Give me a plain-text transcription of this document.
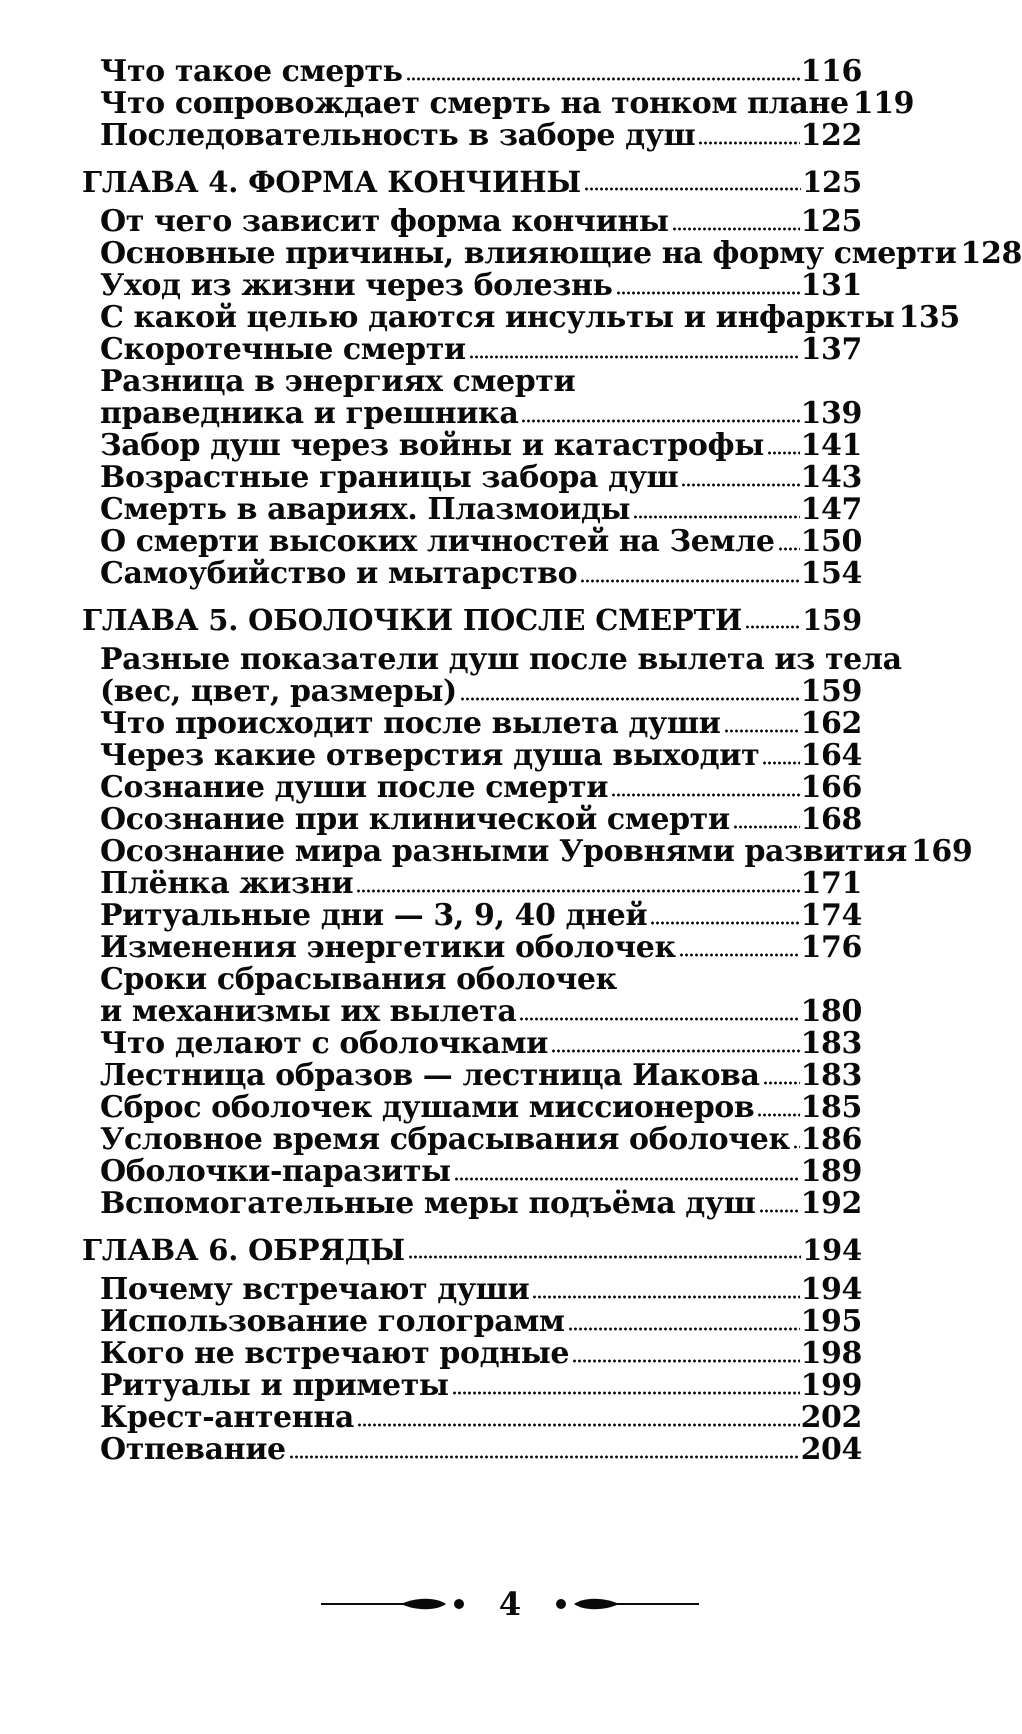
Что такое смерть	116
Что сопровождает смерть на тонком плане 119
Последовательность в заборе душ	122
ГЛАВА 4. ФОРМА КОНЧИНЫ	125
От чего зависит форма кончины	125
Основные причины, влияющие на форму смерти 128
Уход из жизни через болезнь	131
С какой целью даются инсульты и инфаркты 135
Скоротечные смерти	137
Разница в энергиях смерти
праведника и грешника	139
Забор душ через войны и катастрофы 141
Возрастные границы забора душ	143
Смерть в авариях. Плазмоиды	147
О смерти высоких личностей на Земле 150
Самоубийство и мытарство	154
ГЛАВА 5. ОБОЛОЧКИ ПОСЛЕ СМЕРТИ 159
Разные показатели душ после вылета из тела
(вес, цвет, размеры)	159
Что происходит после вылета души	162
Через какие отверстия душа выходит 164
Сознание души после смерти	166
Осознание при клинической смерти 168
Осознание мира разными Уровнями развития 169
Плёнка жизни	171
Ритуальные дни — 3, 9, 40 дней	174
Изменения энергетики оболочек	176
Сроки сбрасывания оболочек
и механизмы их вылета	180
Что делают с оболочками	183
Лестница образов — лестница Иакова 183
Сброс оболочек душами миссионеров 185
Условное время сбрасывания оболочек 186
Оболочки-паразиты	189
Вспомогательные меры подъёма душ 192
ГЛАВА 6. ОБРЯДЫ	194
Почему встречают души	194
Использование голограмм	195
Кого не встречают родные	198
Ритуалы и приметы	199
Крест-антенна	202
Отпевание	204
4
